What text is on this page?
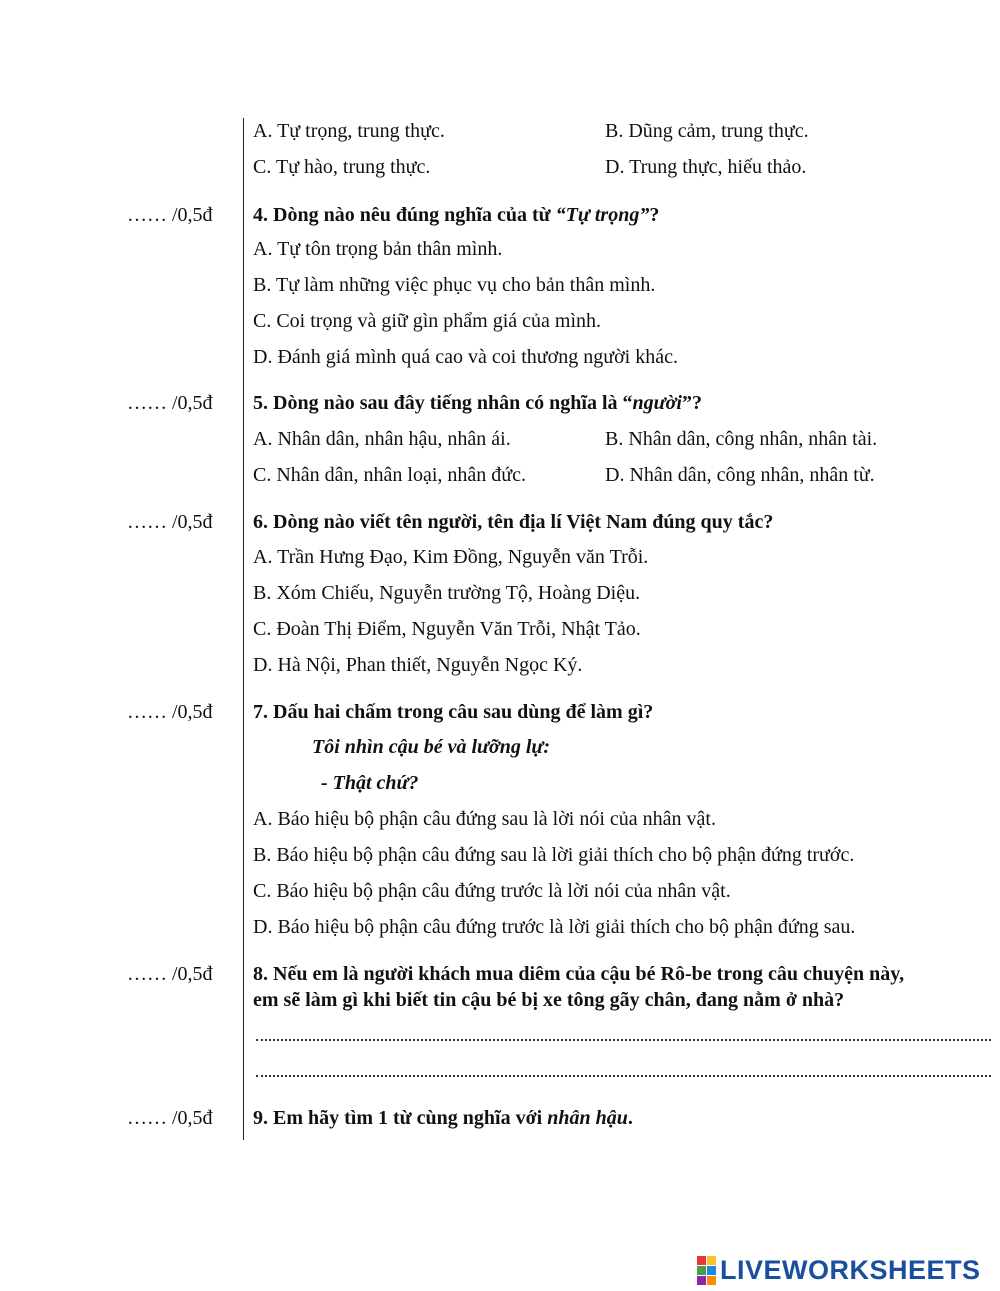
A. Tự trọng, trung thực.	B. Dũng cảm, trung thực.
C. Tự hào, trung thực.	D. Trung thực, hiếu thảo.
…… /0,5đ 4. Dòng nào nêu đúng nghĩa của từ “Tự trọng”?
A. Tự tôn trọng bản thân mình.
B. Tự làm những việc phục vụ cho bản thân mình.
C. Coi trọng và giữ gìn phẩm giá của mình.
D. Đánh giá mình quá cao và coi thương người khác.
…… /0,5đ 5. Dòng nào sau đây tiếng nhân có nghĩa là “người”?
A. Nhân dân, nhân hậu, nhân ái.	B. Nhân dân, công nhân, nhân tài.
C. Nhân dân, nhân loại, nhân đức.	D. Nhân dân, công nhân, nhân từ.
…… /0,5đ 6. Dòng nào viết tên người, tên địa lí Việt Nam đúng quy tắc?
A. Trần Hưng Đạo, Kim Đồng, Nguyễn văn Trỗi.
B. Xóm Chiếu, Nguyễn trường Tộ, Hoàng Diệu.
C. Đoàn Thị Điểm, Nguyễn Văn Trỗi, Nhật Tảo.
D. Hà Nội, Phan thiết, Nguyễn Ngọc Ký.
…… /0,5đ 7. Dấu hai chấm trong câu sau dùng để làm gì?
Tôi nhìn cậu bé và lưỡng lự:
- Thật chứ?
A. Báo hiệu bộ phận câu đứng sau là lời nói của nhân vật.
B. Báo hiệu bộ phận câu đứng sau là lời giải thích cho bộ phận đứng trước.
C. Báo hiệu bộ phận câu đứng trước là lời nói của nhân vật.
D. Báo hiệu bộ phận câu đứng trước là lời giải thích cho bộ phận đứng sau.
…… /0,5đ 8. Nếu em là người khách mua diêm của cậu bé Rô-be trong câu chuyện này,
em sẽ làm gì khi biết tin cậu bé bị xe tông gãy chân, đang nằm ở nhà?
…… /0,5đ 9. Em hãy tìm 1 từ cùng nghĩa với nhân hậu.
LIVEWORKSHEETS
